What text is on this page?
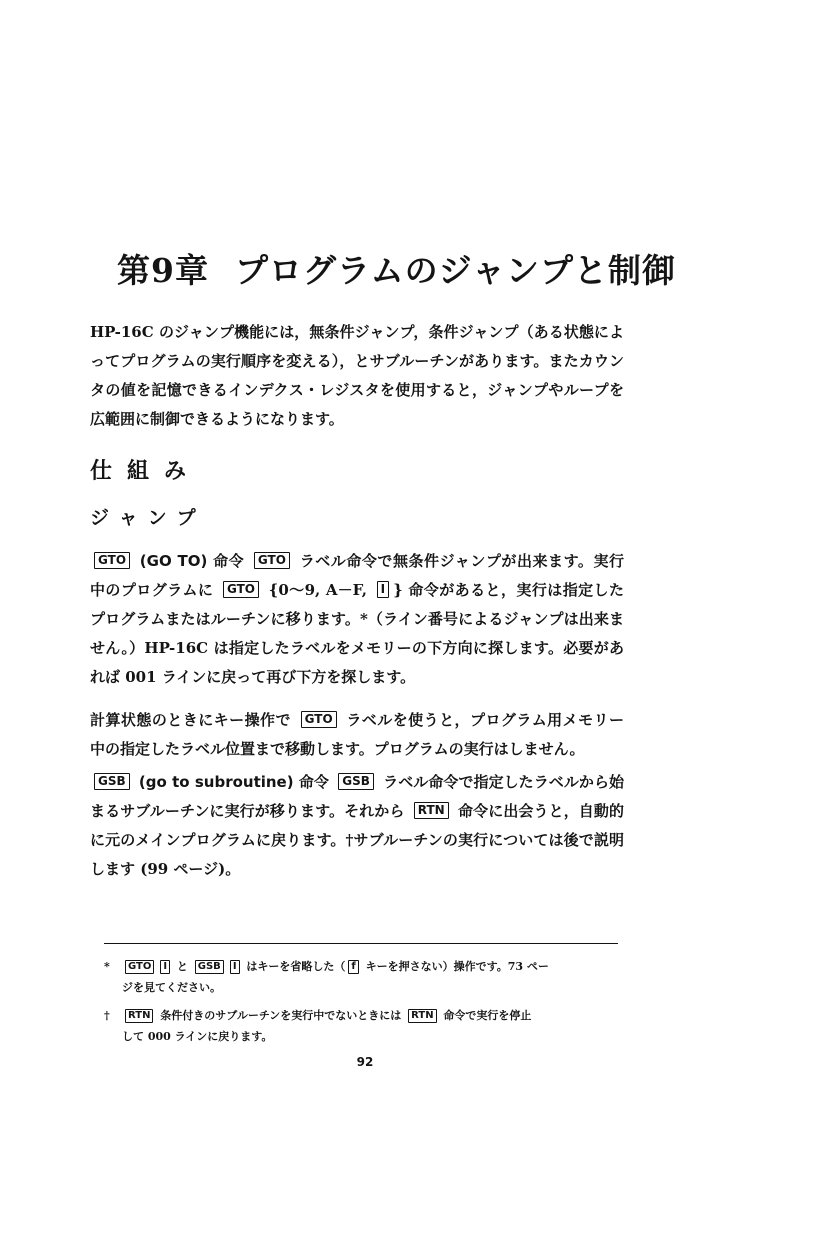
第9章 プログラムのジャンプと制御
HP-16C のジャンプ機能には，無条件ジャンプ，条件ジャンプ（ある状態によってプログラムの実行順序を変える），とサブルーチンがあります。またカウンタの値を記憶できるインデクス・レジスタを使用すると，ジャンプやループを広範囲に制御できるようになります。
仕組み
ジャンプ
GTO (GO TO) 命令 GTO ラベル命令で無条件ジャンプが出来ます。実行中のプログラムに GTO {0～9, A－F, I } 命令があると，実行は指定したプログラムまたはルーチンに移ります。*（ライン番号によるジャンプは出来ません。）HP-16C は指定したラベルをメモリーの下方向に探します。必要があれば 001 ラインに戻って再び下方を探します。
計算状態のときにキー操作で GTO ラベルを使うと，プログラム用メモリー中の指定したラベル位置まで移動します。プログラムの実行はしません。
GSB (go to subroutine) 命令 GSB ラベル命令で指定したラベルから始まるサブルーチンに実行が移ります。それから RTN 命令に出会うと，自動的に元のメインプログラムに戻ります。†サブルーチンの実行については後で説明します (99 ページ)。
* GTO I と GSB I はキーを省略した（ f キーを押さない）操作です。73 ペー
ジを見てください。
† RTN 条件付きのサブルーチンを実行中でないときには RTN 命令で実行を停止
して 000 ラインに戻ります。
92
